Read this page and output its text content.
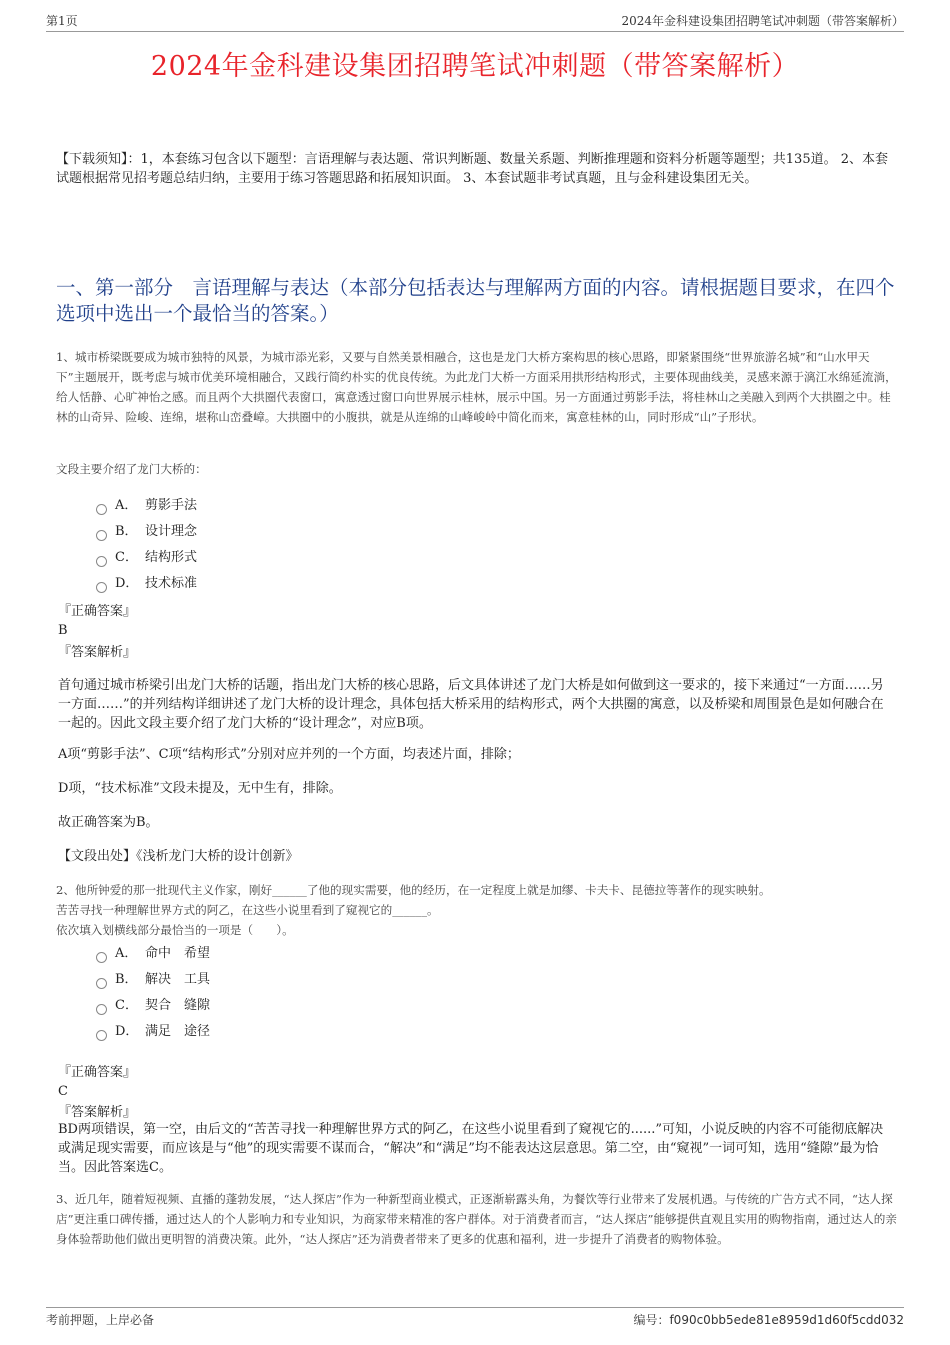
第1页	2024年金科建设集团招聘笔试冲刺题（带答案解析）
2024年金科建设集团招聘笔试冲刺题（带答案解析）
【下载须知】：1，本套练习包含以下题型：言语理解与表达题、常识判断题、数量关系题、判断推理题和资料分析题等题型；共135道。 2、本套试题根据常见招考题总结归纳，主要用于练习答题思路和拓展知识面。 3、本套试题非考试真题，且与金科建设集团无关。
一、第一部分　言语理解与表达（本部分包括表达与理解两方面的内容。请根据题目要求，在四个选项中选出一个最恰当的答案。）
1、城市桥梁既要成为城市独特的风景，为城市添光彩，又要与自然美景相融合，这也是龙门大桥方案构思的核心思路，即紧紧围绕“世界旅游名城”和“山水甲天下”主题展开，既考虑与城市优美环境相融合，又践行简约朴实的优良传统。为此龙门大桥一方面采用拱形结构形式，主要体现曲线美，灵感来源于漓江水绵延流淌，给人恬静、心旷神怡之感。而且两个大拱圈代表窗口，寓意透过窗口向世界展示桂林，展示中国。另一方面通过剪影手法，将桂林山之美融入到两个大拱圈之中。桂林的山奇异、险峻、连绵，堪称山峦叠嶂。大拱圈中的小腹拱，就是从连绵的山峰峻岭中简化而来，寓意桂林的山，同时形成“山”子形状。
文段主要介绍了龙门大桥的：
A． 剪影手法
B． 设计理念
C． 结构形式
D． 技术标准
『正确答案』
B
『答案解析』
首句通过城市桥梁引出龙门大桥的话题，指出龙门大桥的核心思路，后文具体讲述了龙门大桥是如何做到这一要求的，接下来通过“一方面……另一方面……”的并列结构详细讲述了龙门大桥的设计理念，具体包括大桥采用的结构形式，两个大拱圈的寓意，以及桥梁和周围景色是如何融合在一起的。因此文段主要介绍了龙门大桥的“设计理念”，对应B项。
A项“剪影手法”、C项“结构形式”分别对应并列的一个方面，均表述片面，排除；
D项，“技术标准”文段未提及，无中生有，排除。
故正确答案为B。
【文段出处】《浅析龙门大桥的设计创新》
2、他所钟爱的那一批现代主义作家，刚好______了他的现实需要，他的经历，在一定程度上就是加缪、卡夫卡、昆德拉等著作的现实映射。
苦苦寻找一种理解世界方式的阿乙，在这些小说里看到了窥视它的______。
依次填入划横线部分最恰当的一项是（　　）。
A． 命中　希望
B． 解决　工具
C． 契合　缝隙
D． 满足　途径
『正确答案』
C
『答案解析』
BD两项错误，第一空，由后文的“苦苦寻找一种理解世界方式的阿乙，在这些小说里看到了窥视它的......”可知，小说反映的内容不可能彻底解决或满足现实需要，而应该是与“他”的现实需要不谋而合，“解决”和“满足”均不能表达这层意思。第二空，由“窥视”一词可知，选用“缝隙”最为恰当。因此答案选C。
3、近几年，随着短视频、直播的蓬勃发展，“达人探店”作为一种新型商业模式，正逐渐崭露头角，为餐饮等行业带来了发展机遇。与传统的广告方式不同，“达人探店”更注重口碑传播，通过达人的个人影响力和专业知识，为商家带来精准的客户群体。对于消费者而言，“达人探店”能够提供直观且实用的购物指南，通过达人的亲身体验帮助他们做出更明智的消费决策。此外，“达人探店”还为消费者带来了更多的优惠和福利，进一步提升了消费者的购物体验。
考前押题，上岸必备	编号：f090c0bb5ede81e8959d1d60f5cdd032
